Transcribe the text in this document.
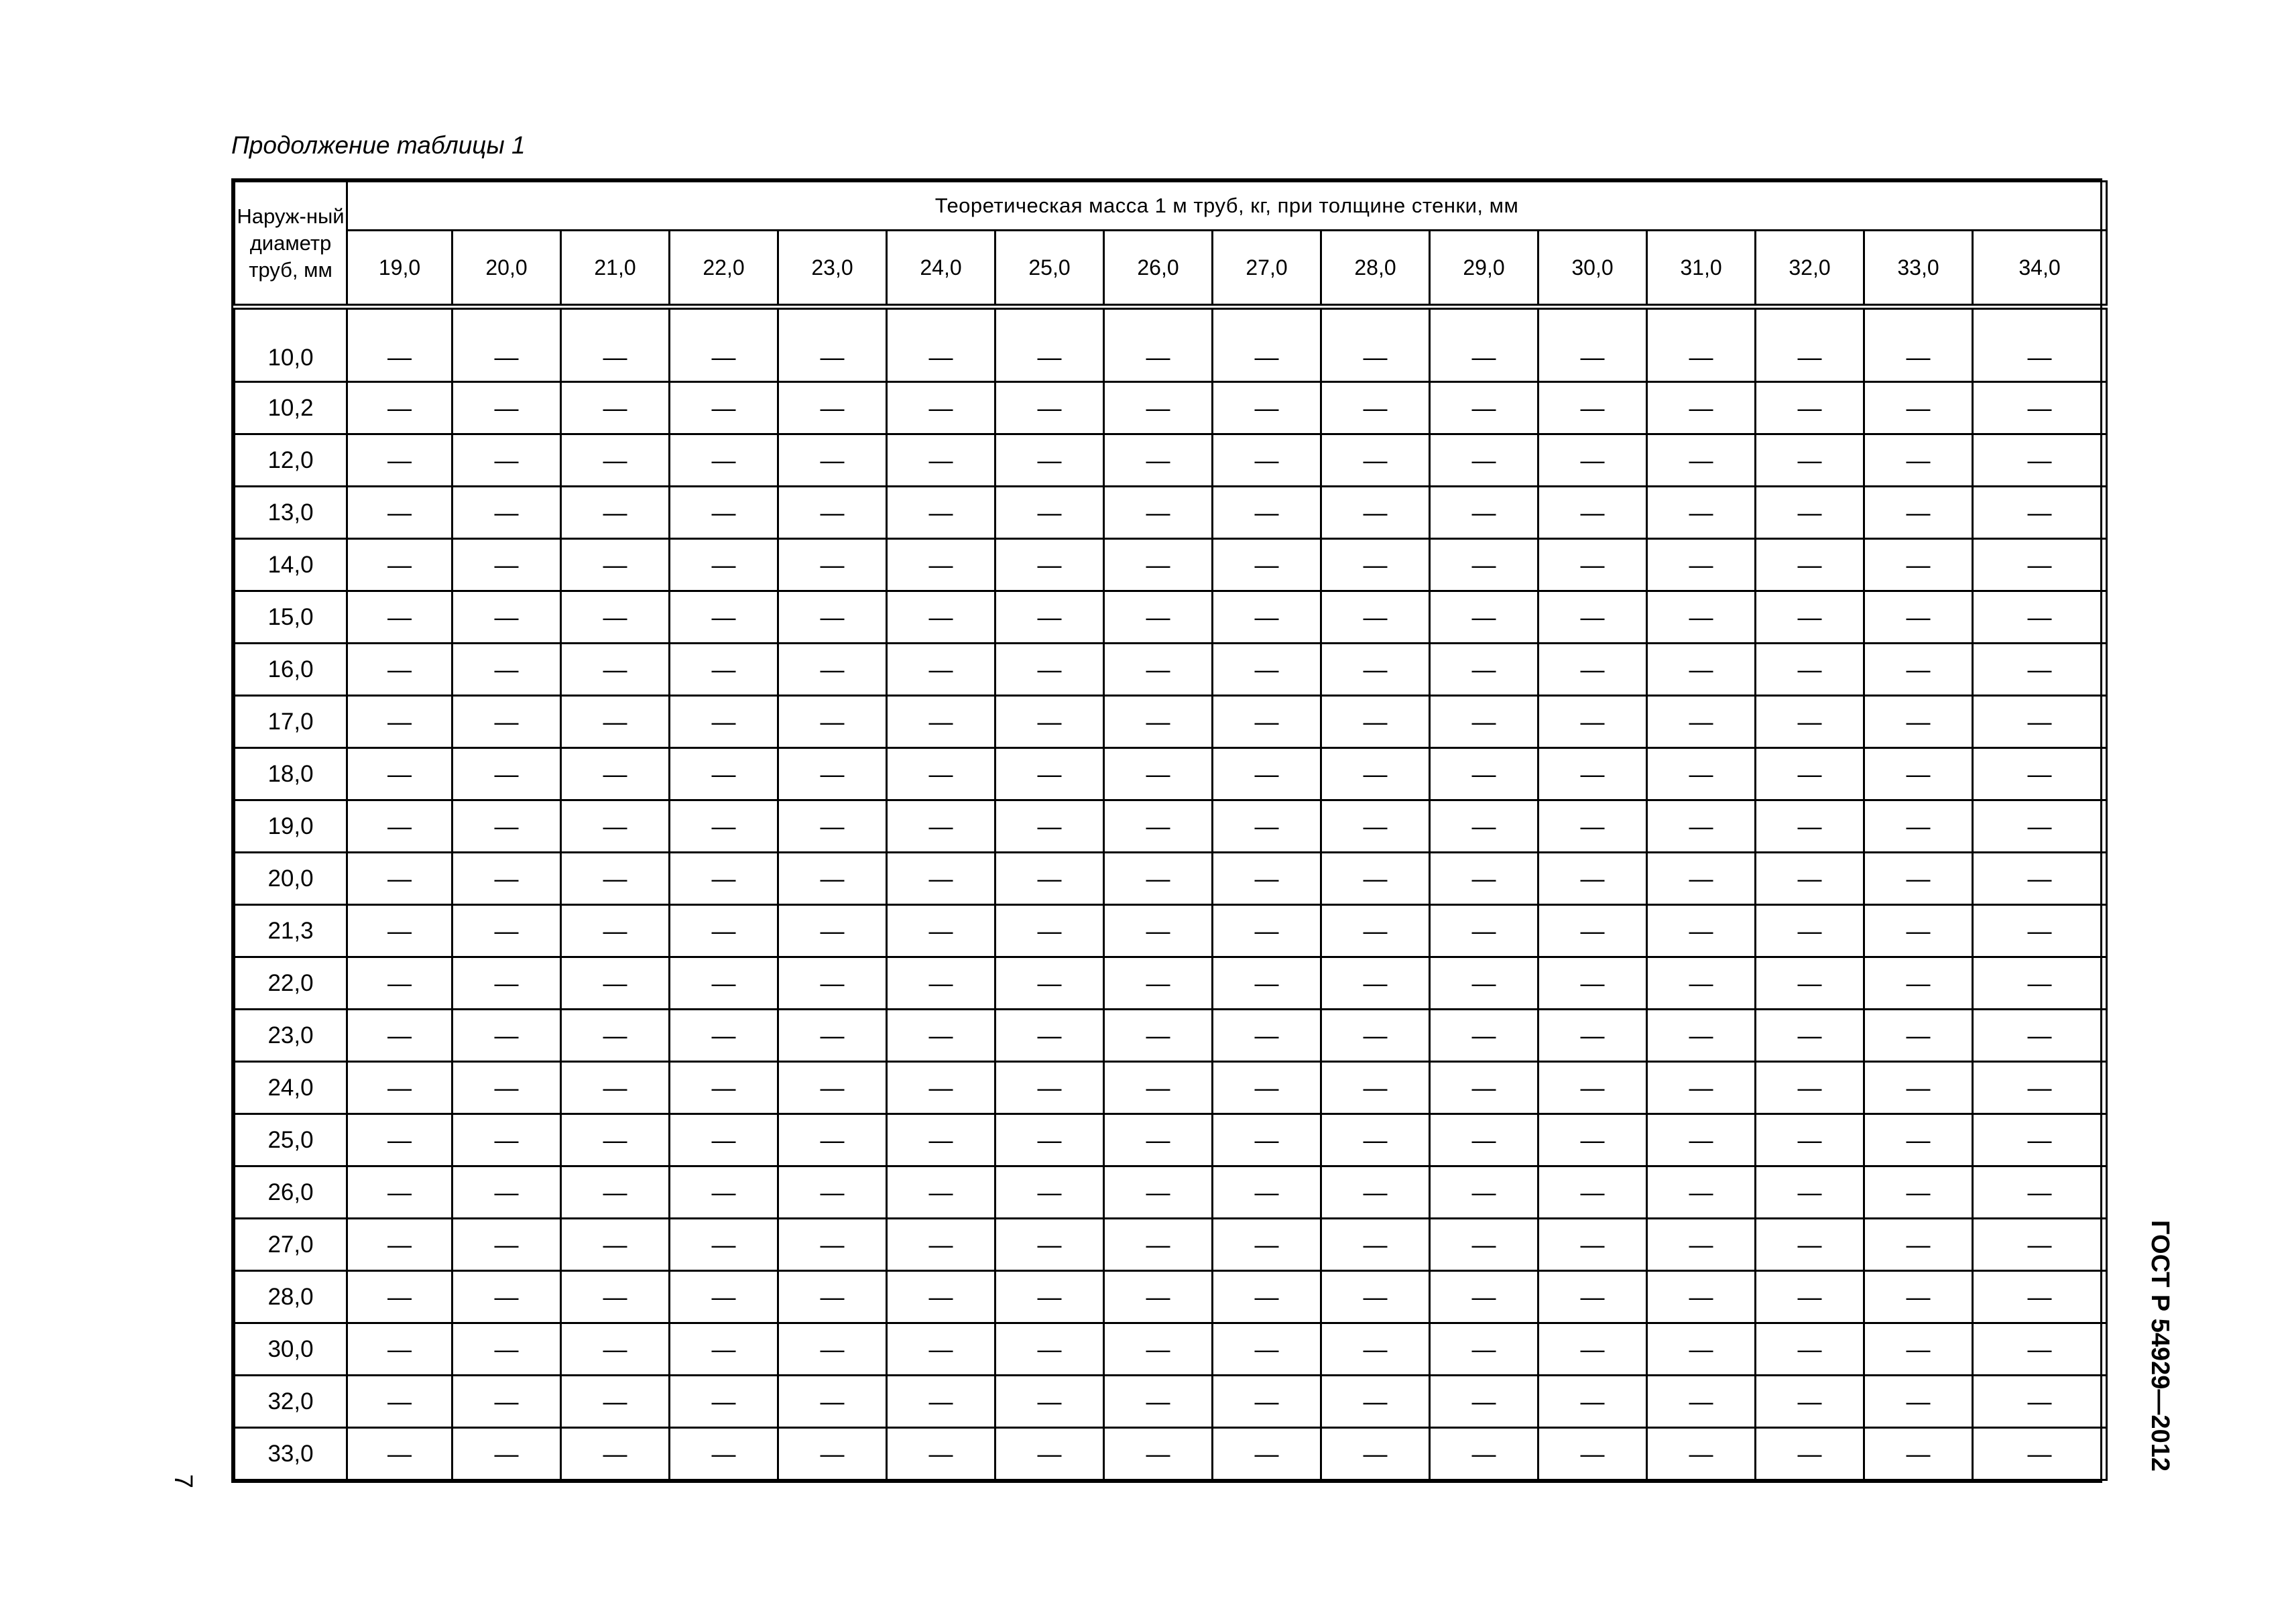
Продолжение таблицы 1
Наруж-ный диаметр труб, мм	Теоретическая масса 1 м труб, кг, при толщине стенки, мм															
	19,0	20,0	21,0	22,0	23,0	24,0	25,0	26,0	27,0	28,0	29,0	30,0	31,0	32,0	33,0	34,0
10,0	—	—	—	—	—	—	—	—	—	—	—	—	—	—	—	—
10,2	—	—	—	—	—	—	—	—	—	—	—	—	—	—	—	—
12,0	—	—	—	—	—	—	—	—	—	—	—	—	—	—	—	—
13,0	—	—	—	—	—	—	—	—	—	—	—	—	—	—	—	—
14,0	—	—	—	—	—	—	—	—	—	—	—	—	—	—	—	—
15,0	—	—	—	—	—	—	—	—	—	—	—	—	—	—	—	—
16,0	—	—	—	—	—	—	—	—	—	—	—	—	—	—	—	—
17,0	—	—	—	—	—	—	—	—	—	—	—	—	—	—	—	—
18,0	—	—	—	—	—	—	—	—	—	—	—	—	—	—	—	—
19,0	—	—	—	—	—	—	—	—	—	—	—	—	—	—	—	—
20,0	—	—	—	—	—	—	—	—	—	—	—	—	—	—	—	—
21,3	—	—	—	—	—	—	—	—	—	—	—	—	—	—	—	—
22,0	—	—	—	—	—	—	—	—	—	—	—	—	—	—	—	—
23,0	—	—	—	—	—	—	—	—	—	—	—	—	—	—	—	—
24,0	—	—	—	—	—	—	—	—	—	—	—	—	—	—	—	—
25,0	—	—	—	—	—	—	—	—	—	—	—	—	—	—	—	—
26,0	—	—	—	—	—	—	—	—	—	—	—	—	—	—	—	—
27,0	—	—	—	—	—	—	—	—	—	—	—	—	—	—	—	—
28,0	—	—	—	—	—	—	—	—	—	—	—	—	—	—	—	—
30,0	—	—	—	—	—	—	—	—	—	—	—	—	—	—	—	—
32,0	—	—	—	—	—	—	—	—	—	—	—	—	—	—	—	—
33,0	—	—	—	—	—	—	—	—	—	—	—	—	—	—	—	—	ГОСТ Р 54929—2012
7
